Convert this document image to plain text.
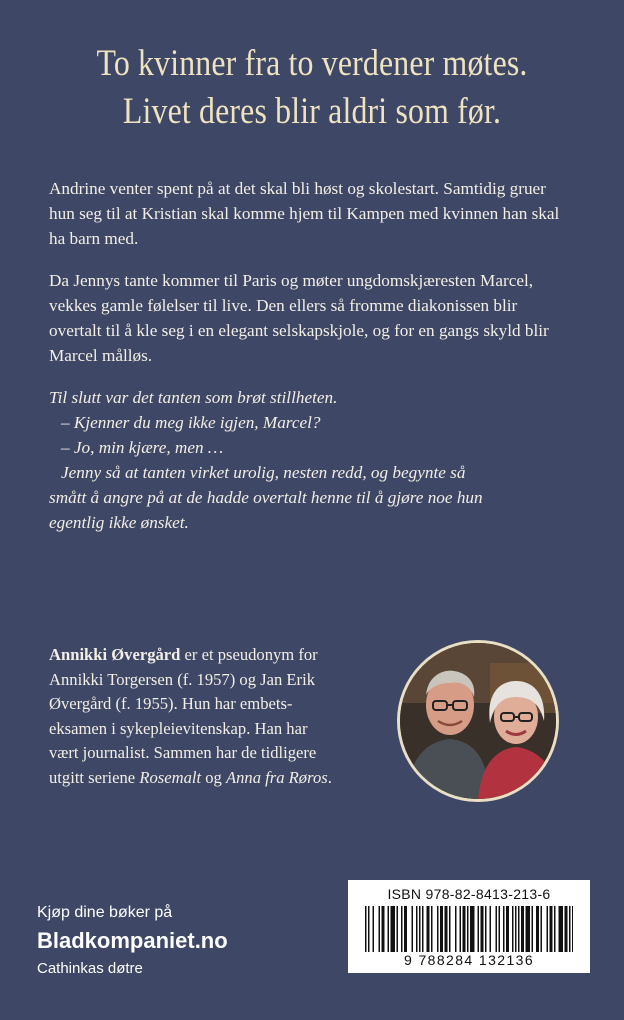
To kvinner fra to verdener møtes.
Livet deres blir aldri som før.

Andrine venter spent på at det skal bli høst og skolestart. Samtidig gruer hun seg til at Kristian skal komme hjem til Kampen med kvinnen han skal ha barn med.

Da Jennys tante kommer til Paris og møter ungdomskjæresten Marcel, vekkes gamle følelser til live. Den ellers så fromme diakonissen blir overtalt til å kle seg i en elegant selskapskjole, og for en gangs skyld blir Marcel målløs.

Til slutt var det tanten som brøt stillheten.
– Kjenner du meg ikke igjen, Marcel?
– Jo, min kjære, men …
Jenny så at tanten virket urolig, nesten redd, og begynte så
smått å angre på at de hadde overtalt henne til å gjøre noe hun
egentlig ikke ønsket.
Annikki Øvergård er et pseudonym for
Annikki Torgersen (f. 1957) og Jan Erik
Øvergård (f. 1955). Hun har embets-
eksamen i sykepleievitenskap. Han har
vært journalist. Sammen har de tidligere
utgitt seriene Rosemalt og Anna fra Røros.
Kjøp dine bøker på
Bladkompaniet.no
Cathinkas døtre
ISBN 978-82-8413-213-6
9 788284 132136
